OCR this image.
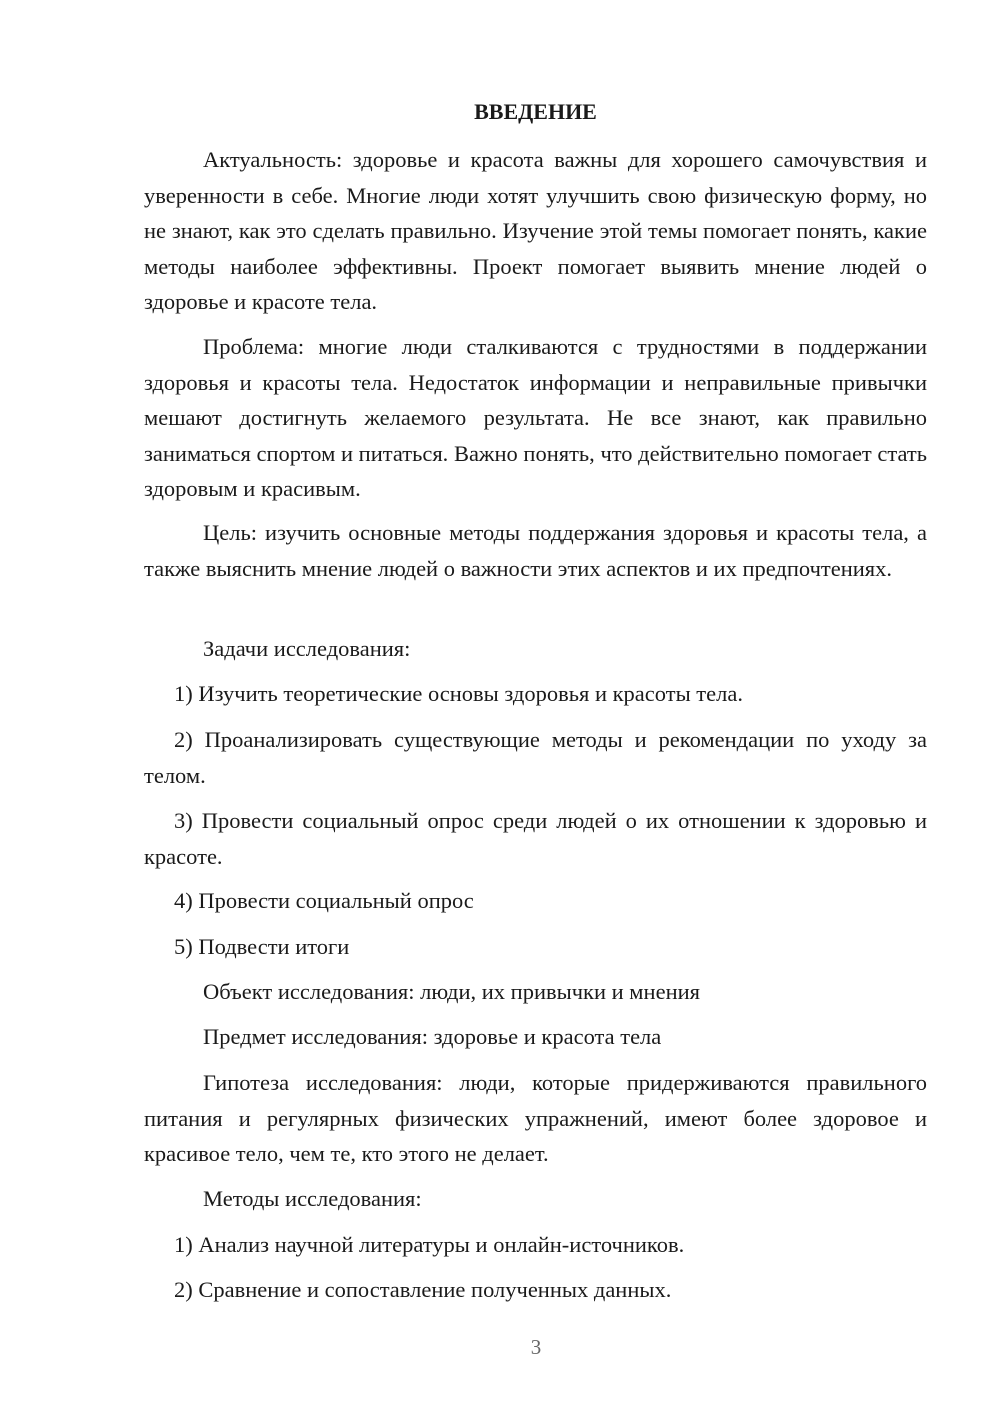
ВВЕДЕНИЕ

Актуальность: здоровье и красота важны для хорошего самочувствия и уверенности в себе. Многие люди хотят улучшить свою физическую форму, но не знают, как это сделать правильно. Изучение этой темы помогает понять, какие методы наиболее эффективны. Проект помогает выявить мнение людей о здоровье и красоте тела.

Проблема: многие люди сталкиваются с трудностями в поддержании здоровья и красоты тела. Недостаток информации и неправильные привычки мешают достигнуть желаемого результата. Не все знают, как правильно заниматься спортом и питаться. Важно понять, что действительно помогает стать здоровым и красивым.

Цель: изучить основные методы поддержания здоровья и красоты тела, а также выяснить мнение людей о важности этих аспектов и их предпочтениях.

Задачи исследования:

1) Изучить теоретические основы здоровья и красоты тела.

2) Проанализировать существующие методы и рекомендации по уходу за телом.

3) Провести социальный опрос среди людей о их отношении к здоровью и красоте.

4) Провести социальный опрос

5) Подвести итоги

Объект исследования: люди, их привычки и мнения

Предмет исследования: здоровье и красота тела

Гипотеза исследования: люди, которые придерживаются правильного питания и регулярных физических упражнений, имеют более здоровое и красивое тело, чем те, кто этого не делает.

Методы исследования:

1) Анализ научной литературы и онлайн-источников.

2) Сравнение и сопоставление полученных данных.

3
